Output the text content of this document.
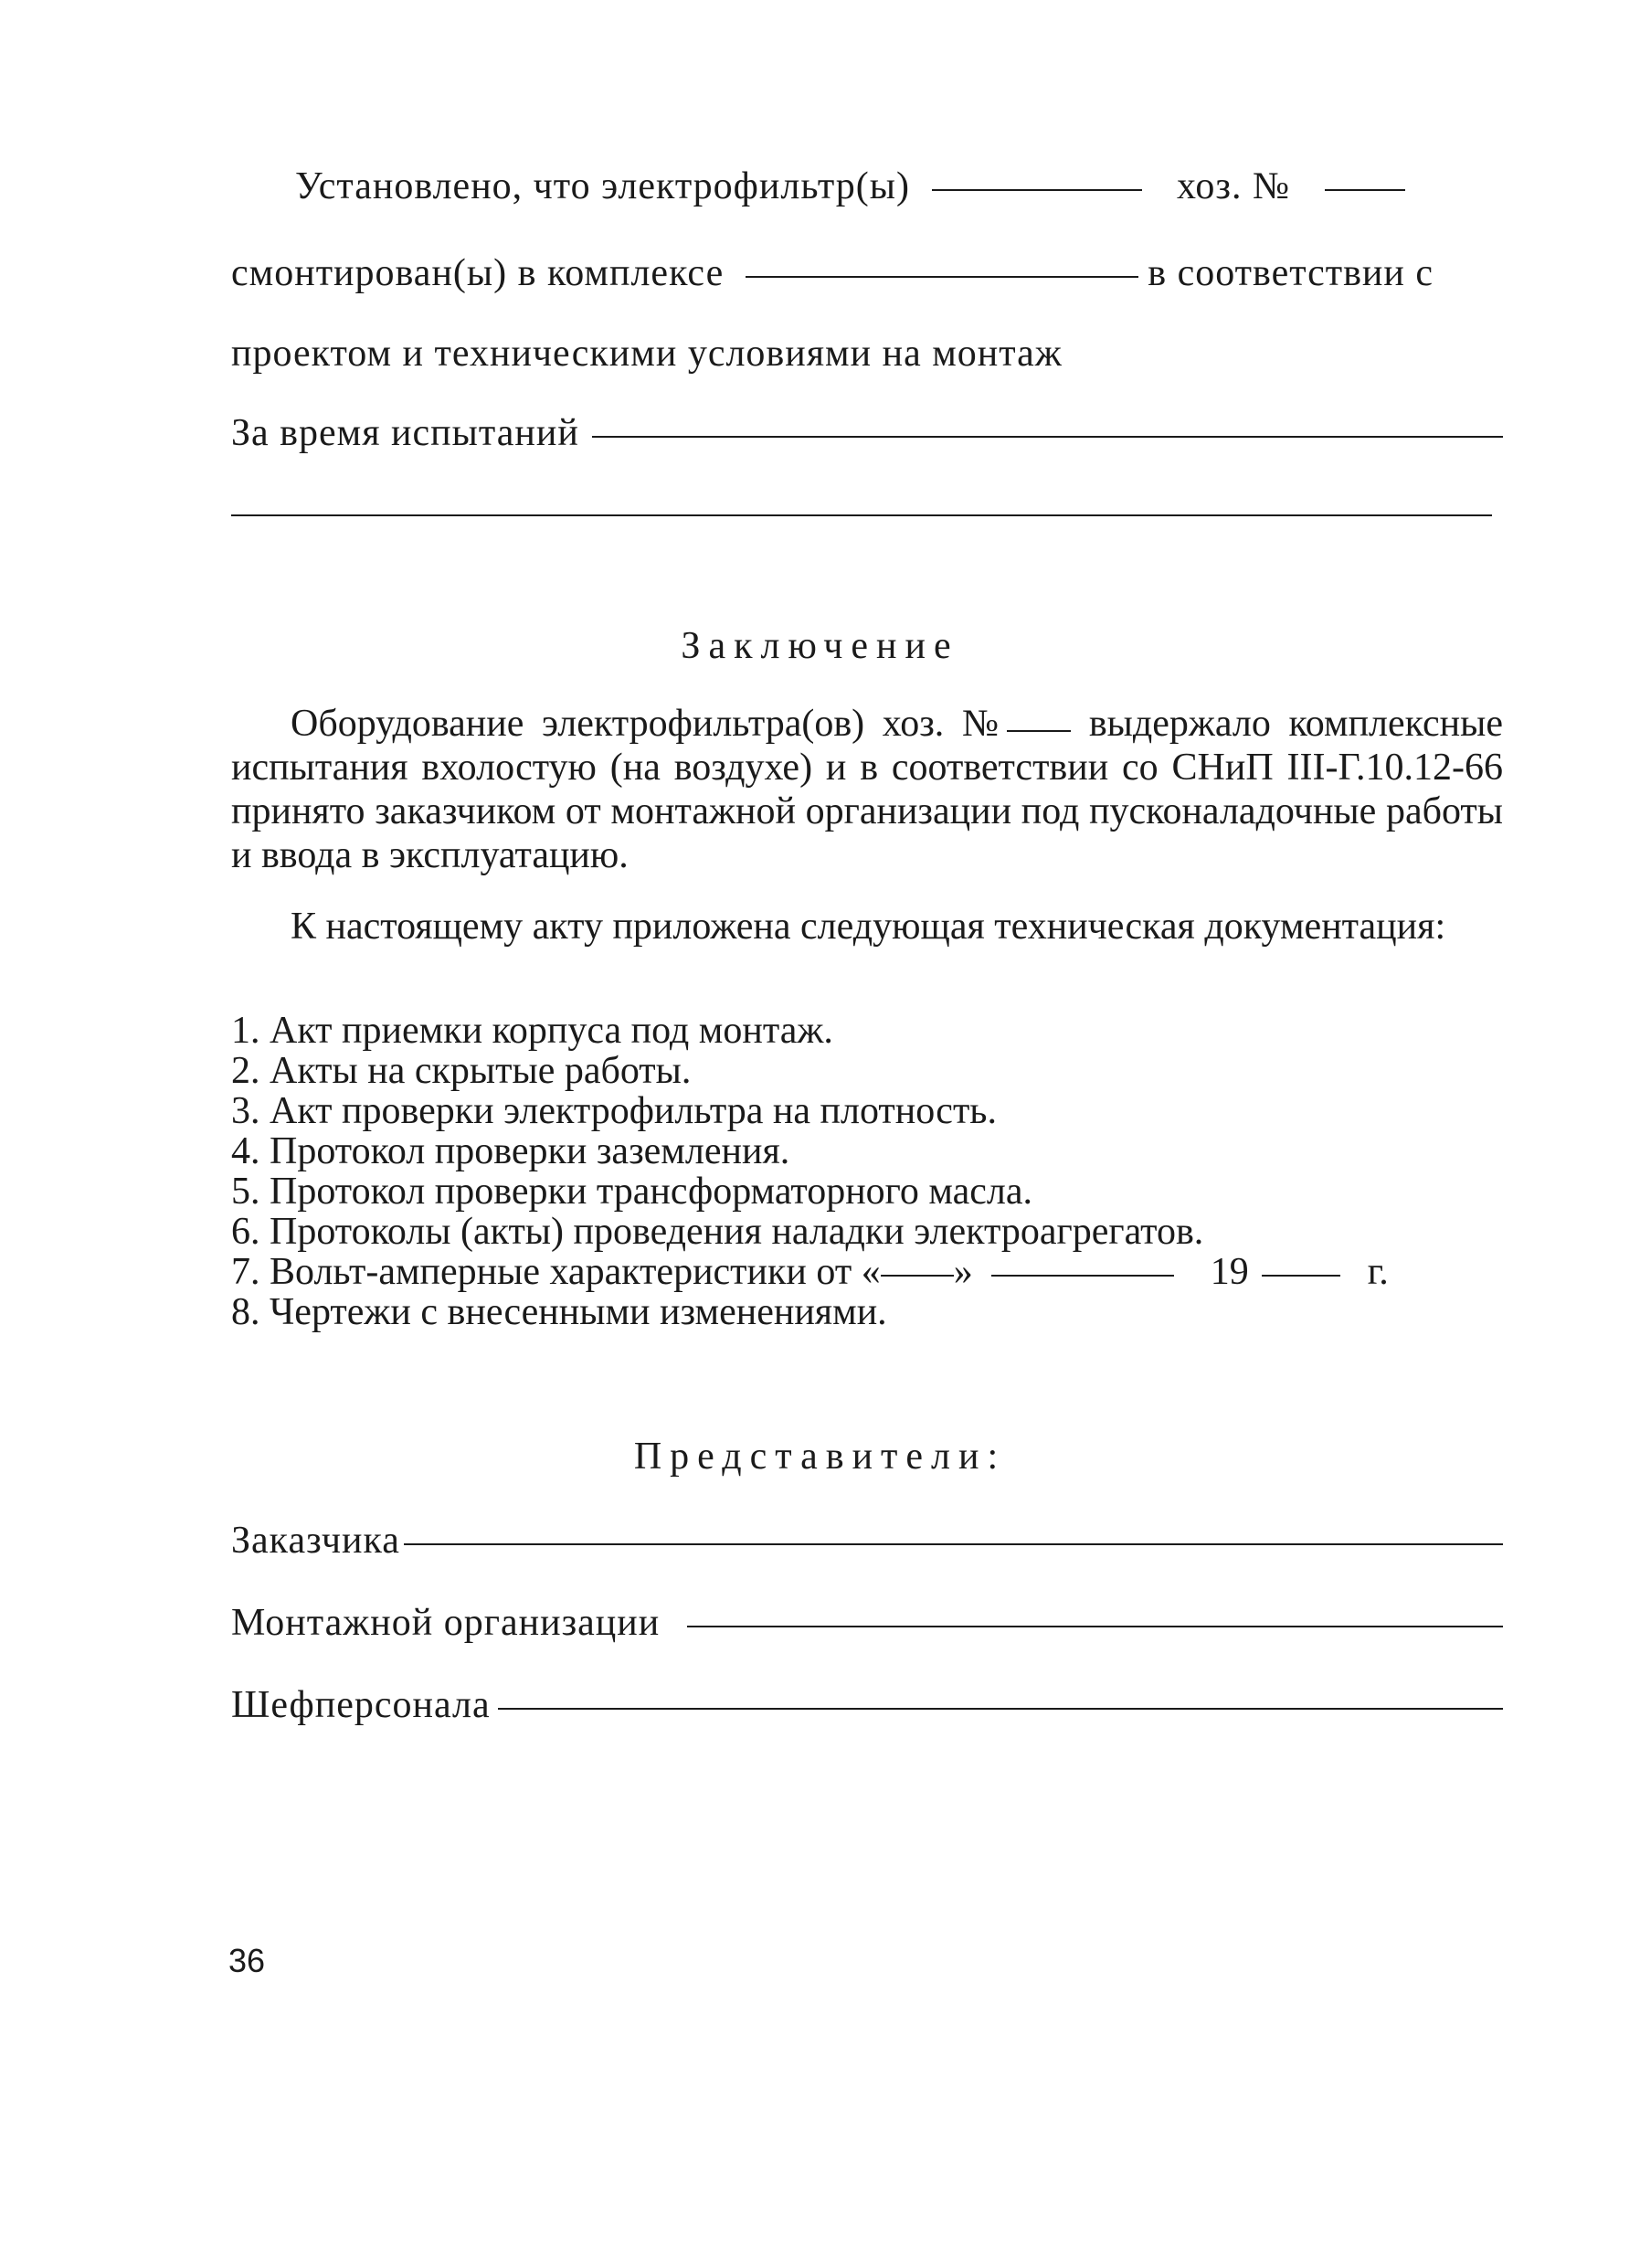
Установлено, что электрофильтр(ы)	хоз. №
смонтирован(ы) в комплексе	в соответствии с
проектом и техническими условиями на монтаж
За время испытаний
Заключение
Оборудование электрофильтра(ов) хоз. № выдержало комплексные испытания вхолостую (на воздухе) и в соответствии со СНиП III-Г.10.12-66 принято заказчиком от монтажной организации под пусконаладочные работы и ввода в эксплуатацию.
К настоящему акту приложена следующая техническая документация:
1. Акт приемки корпуса под монтаж.
2. Акты на скрытые работы.
3. Акт проверки электрофильтра на плотность.
4. Протокол проверки заземления.
5. Протокол проверки трансформаторного масла.
6. Протоколы (акты) проведения наладки электроагрегатов.
7. Вольт-амперные характеристики от « »	19	г.
8. Чертежи с внесенными изменениями.
Представители:
Заказчика
Монтажной организации
Шефперсонала
36
